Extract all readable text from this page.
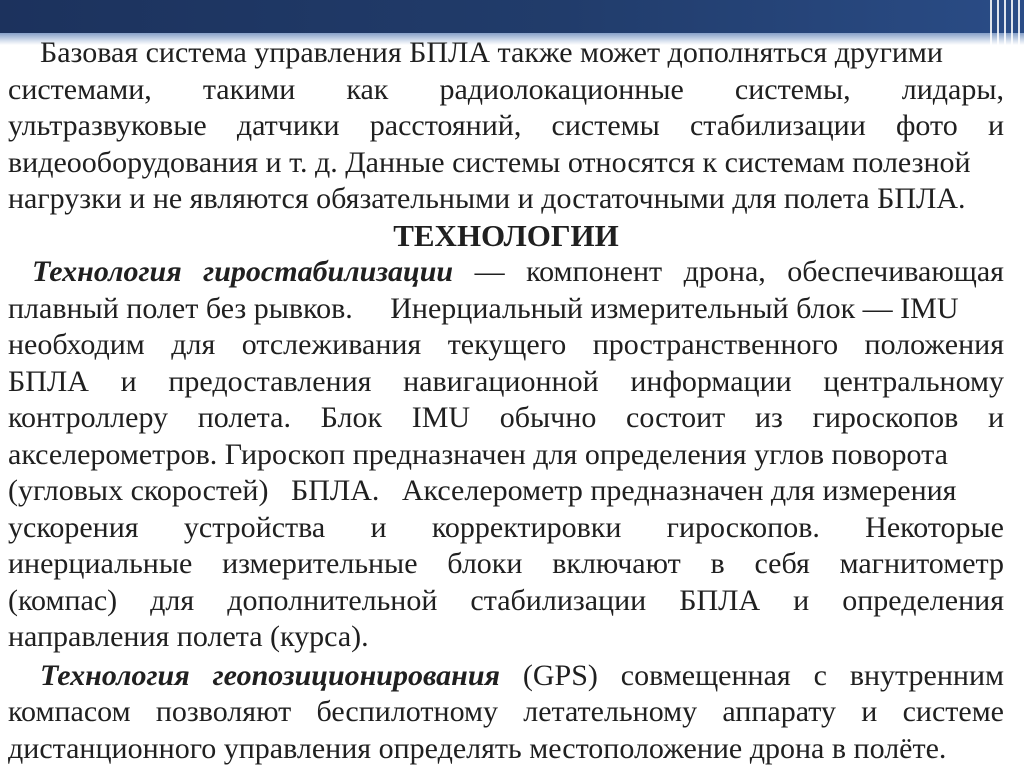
Базовая система управления БПЛА также может дополняться другими
системами, такими как радиолокационные системы, лидары,
ультразвуковые датчики расстояний, системы стабилизации фото и
видеооборудования и т. д. Данные системы относятся к системам полезной
нагрузки и не являются обязательными и достаточными для полета БПЛА.
ТЕХНОЛОГИИ
Технология гиростабилизации — компонент дрона, обеспечивающая
плавный полет без рывков.     Инерциальный измерительный блок — IMU
необходим для отслеживания текущего пространственного положения
БПЛА и предоставления навигационной информации центральному
контроллеру полета. Блок IMU обычно состоит из гироскопов и
акселерометров. Гироскоп предназначен для определения углов поворота
(угловых скоростей)   БПЛА.   Акселерометр предназначен для измерения
ускорения устройства и корректировки гироскопов. Некоторые
инерциальные измерительные блоки включают в себя магнитометр
(компас) для дополнительной стабилизации БПЛА и определения
направления полета (курса).
Технология геопозиционирования (GPS) совмещенная с внутренним
компасом позволяют беспилотному летательному аппарату и системе
дистанционного управления определять местоположение дрона в полёте.
